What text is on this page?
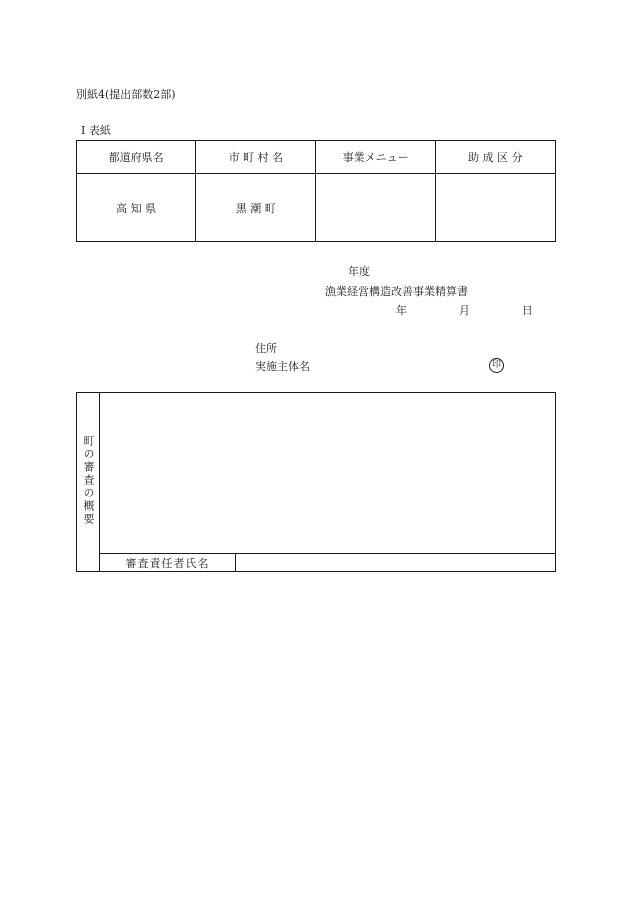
別紙4(提出部数2部)
Ⅰ 表紙
都道府県名	市 町 村 名	事業メニュー	助 成 区 分
高 知 県	黒 潮 町		
年度
漁業経営構造改善事業精算書
年 月 日
住所
実施主体名	印
町の審査の概要		
	審査責任者氏名	
